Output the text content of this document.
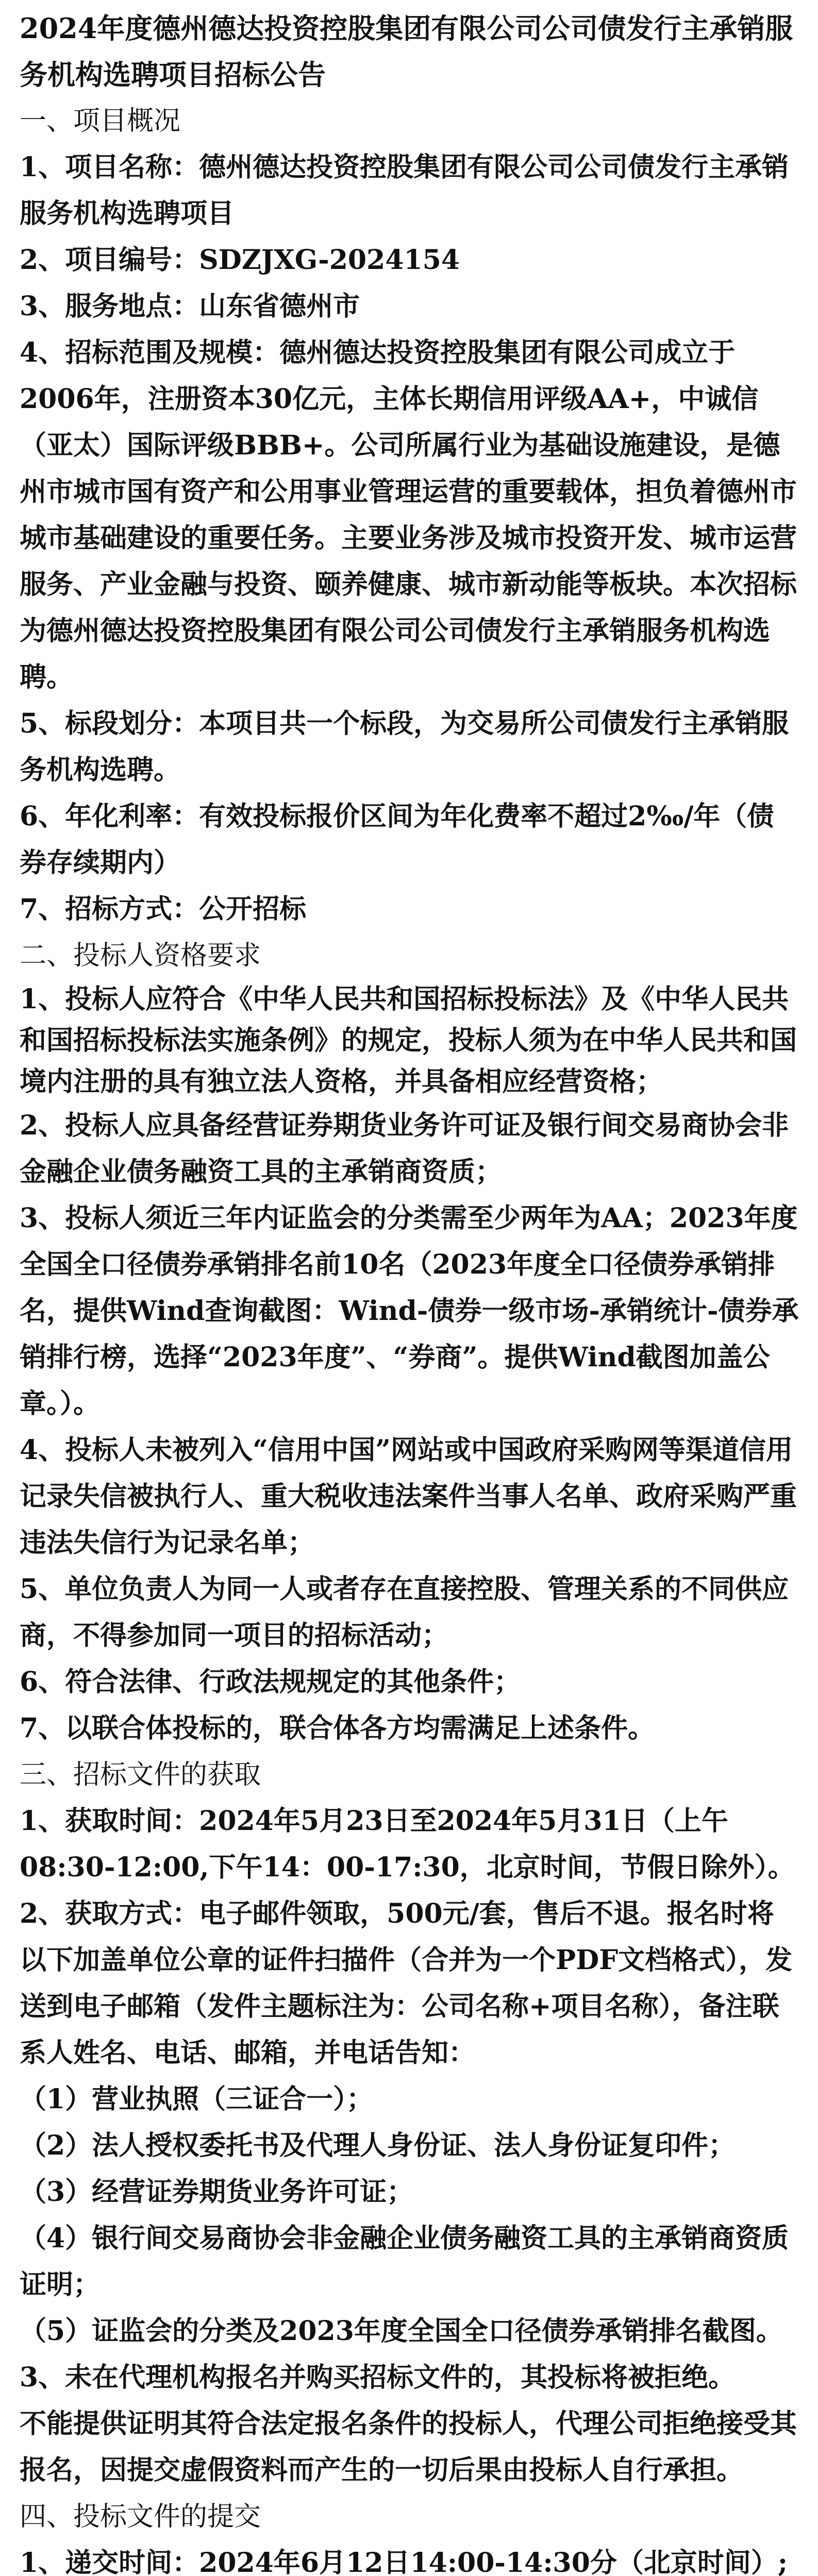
2024年度德州德达投资控股集团有限公司公司债发行主承销服务机构选聘项目招标公告
一、项目概况
1、项目名称：德州德达投资控股集团有限公司公司债发行主承销服务机构选聘项目
2、项目编号：SDZJXG-2024154
3、服务地点：山东省德州市
4、招标范围及规模：德州德达投资控股集团有限公司成立于2006年，注册资本30亿元，主体长期信用评级AA+，中诚信（亚太）国际评级BBB+。公司所属行业为基础设施建设，是德州市城市国有资产和公用事业管理运营的重要载体，担负着德州市城市基础建设的重要任务。主要业务涉及城市投资开发、城市运营服务、产业金融与投资、颐养健康、城市新动能等板块。本次招标为德州德达投资控股集团有限公司公司债发行主承销服务机构选聘。
5、标段划分：本项目共一个标段，为交易所公司债发行主承销服务机构选聘。
6、年化利率：有效投标报价区间为年化费率不超过2‰/年（债券存续期内）
7、招标方式：公开招标
二、投标人资格要求
1、投标人应符合《中华人民共和国招标投标法》及《中华人民共和国招标投标法实施条例》的规定，投标人须为在中华人民共和国境内注册的具有独立法人资格，并具备相应经营资格；
2、投标人应具备经营证券期货业务许可证及银行间交易商协会非金融企业债务融资工具的主承销商资质；
3、投标人须近三年内证监会的分类需至少两年为AA；2023年度全国全口径债券承销排名前10名（2023年度全口径债券承销排名，提供Wind查询截图：Wind-债券一级市场-承销统计-债券承销排行榜，选择“2023年度”、“券商”。提供Wind截图加盖公章。）。
4、投标人未被列入“信用中国”网站或中国政府采购网等渠道信用记录失信被执行人、重大税收违法案件当事人名单、政府采购严重违法失信行为记录名单；
5、单位负责人为同一人或者存在直接控股、管理关系的不同供应商，不得参加同一项目的招标活动；
6、符合法律、行政法规规定的其他条件；
7、以联合体投标的，联合体各方均需满足上述条件。
三、招标文件的获取
1、获取时间：2024年5月23日至2024年5月31日（上午08:30-12:00,下午14：00-17:30，北京时间，节假日除外）。
2、获取方式：电子邮件领取，500元/套，售后不退。报名时将以下加盖单位公章的证件扫描件（合并为一个PDF文档格式），发送到电子邮箱（发件主题标注为：公司名称+项目名称），备注联系人姓名、电话、邮箱，并电话告知：
（1）营业执照（三证合一）；
（2）法人授权委托书及代理人身份证、法人身份证复印件；
（3）经营证券期货业务许可证；
（4）银行间交易商协会非金融企业债务融资工具的主承销商资质证明；
（5）证监会的分类及2023年度全国全口径债券承销排名截图。
3、未在代理机构报名并购买招标文件的，其投标将被拒绝。
不能提供证明其符合法定报名条件的投标人，代理公司拒绝接受其报名，因提交虚假资料而产生的一切后果由投标人自行承担。
四、投标文件的提交
1、递交时间：2024年6月12日14:00-14:30分（北京时间）;
